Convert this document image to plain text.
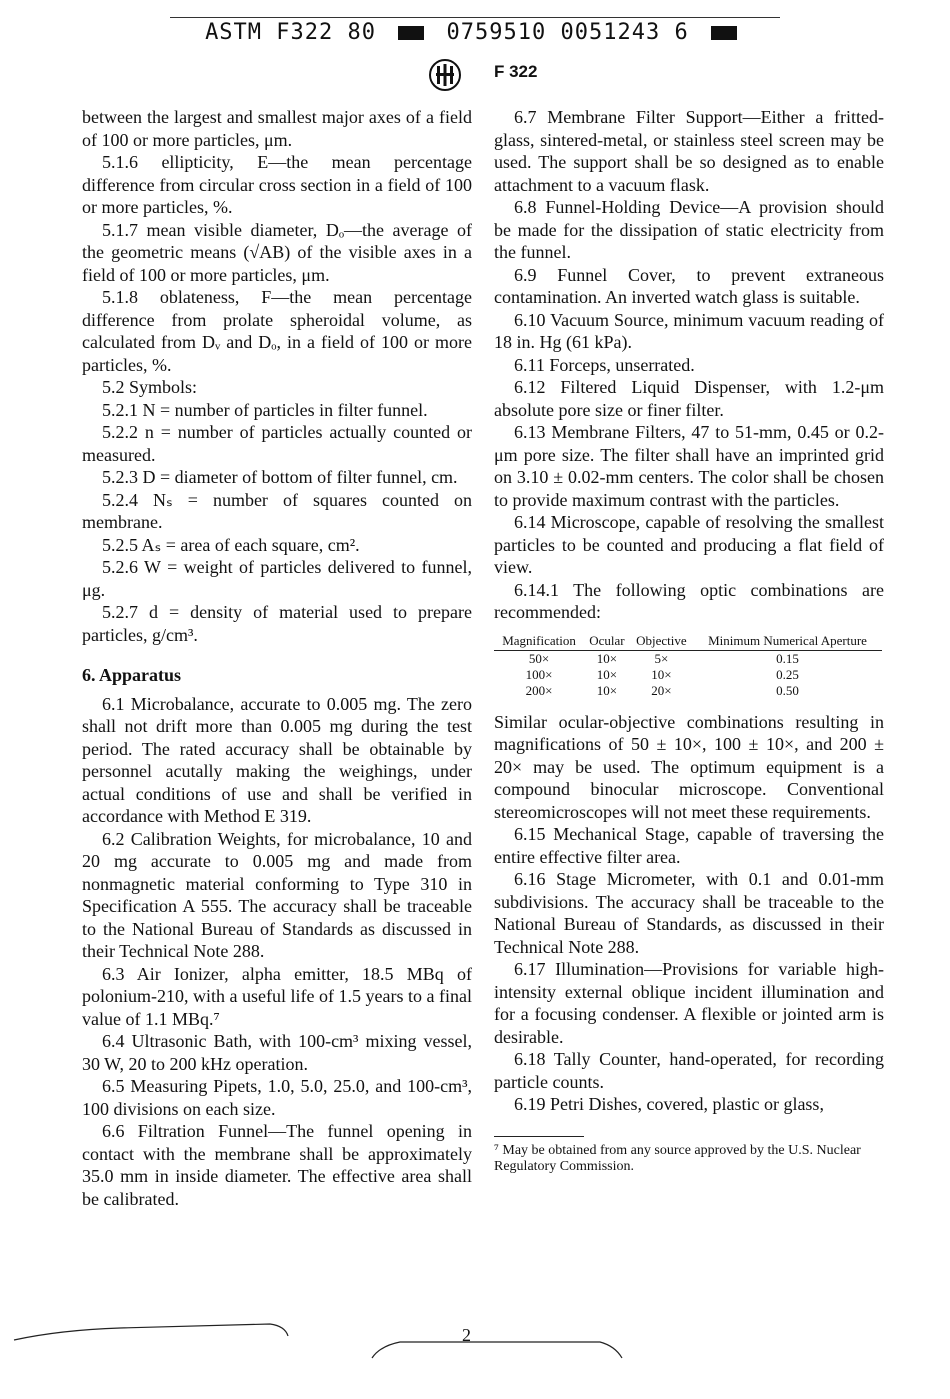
ASTM F322 80	0759510 0051243 6
F 322

between the largest and smallest major axes of a field of 100 or more particles, μm.

5.1.6 ellipticity, E—the mean percentage difference from circular cross section in a field of 100 or more particles, %.

5.1.7 mean visible diameter, Dₒ—the average of the geometric means (√AB) of the visible axes in a field of 100 or more particles, μm.

5.1.8 oblateness, F—the mean percentage difference from prolate spheroidal volume, as calculated from Dᵥ and Dₒ, in a field of 100 or more particles, %.

5.2 Symbols:

5.2.1 N = number of particles in filter funnel.

5.2.2 n = number of particles actually counted or measured.

5.2.3 D = diameter of bottom of filter funnel, cm.

5.2.4 Nₛ = number of squares counted on membrane.

5.2.5 Aₛ = area of each square, cm².

5.2.6 W = weight of particles delivered to funnel, μg.

5.2.7 d = density of material used to prepare particles, g/cm³.

6. Apparatus

6.1 Microbalance, accurate to 0.005 mg. The zero shall not drift more than 0.005 mg during the test period. The rated accuracy shall be obtainable by personnel acutally making the weighings, under actual conditions of use and shall be verified in accordance with Method E 319.

6.2 Calibration Weights, for microbalance, 10 and 20 mg accurate to 0.005 mg and made from nonmagnetic material conforming to Type 310 in Specification A 555. The accuracy shall be traceable to the National Bureau of Standards as discussed in their Technical Note 288.

6.3 Air Ionizer, alpha emitter, 18.5 MBq of polonium-210, with a useful life of 1.5 years to a final value of 1.1 MBq.⁷

6.4 Ultrasonic Bath, with 100-cm³ mixing vessel, 30 W, 20 to 200 kHz operation.

6.5 Measuring Pipets, 1.0, 5.0, 25.0, and 100-cm³, 100 divisions on each size.

6.6 Filtration Funnel—The funnel opening in contact with the membrane shall be approximately 35.0 mm in inside diameter. The effective area shall be calibrated.

6.7 Membrane Filter Support—Either a fritted-glass, sintered-metal, or stainless steel screen may be used. The support shall be so designed as to enable attachment to a vacuum flask.

6.8 Funnel-Holding Device—A provision should be made for the dissipation of static electricity from the funnel.

6.9 Funnel Cover, to prevent extraneous contamination. An inverted watch glass is suitable.

6.10 Vacuum Source, minimum vacuum reading of 18 in. Hg (61 kPa).

6.11 Forceps, unserrated.

6.12 Filtered Liquid Dispenser, with 1.2-μm absolute pore size or finer filter.

6.13 Membrane Filters, 47 to 51-mm, 0.45 or 0.2-μm pore size. The filter shall have an imprinted grid on 3.10 ± 0.02-mm centers. The color shall be chosen to provide maximum contrast with the particles.

6.14 Microscope, capable of resolving the smallest particles to be counted and producing a flat field of view.

6.14.1 The following optic combinations are recommended:

Magnification	Ocular	Objective	Minimum Numerical Aperture
50×	10×	5×	0.15
100×	10×	10×	0.25
200×	10×	20×	0.50

Similar ocular-objective combinations resulting in magnifications of 50 ± 10×, 100 ± 10×, and 200 ± 20× may be used. The optimum equipment is a compound binocular microscope. Conventional stereomicroscopes will not meet these requirements.

6.15 Mechanical Stage, capable of traversing the entire effective filter area.

6.16 Stage Micrometer, with 0.1 and 0.01-mm subdivisions. The accuracy shall be traceable to the National Bureau of Standards, as discussed in their Technical Note 288.

6.17 Illumination—Provisions for variable high-intensity external oblique incident illumination and for a focusing condenser. A flexible or jointed arm is desirable.

6.18 Tally Counter, hand-operated, for recording particle counts.

6.19 Petri Dishes, covered, plastic or glass,

⁷ May be obtained from any source approved by the U.S. Nuclear Regulatory Commission.

2
